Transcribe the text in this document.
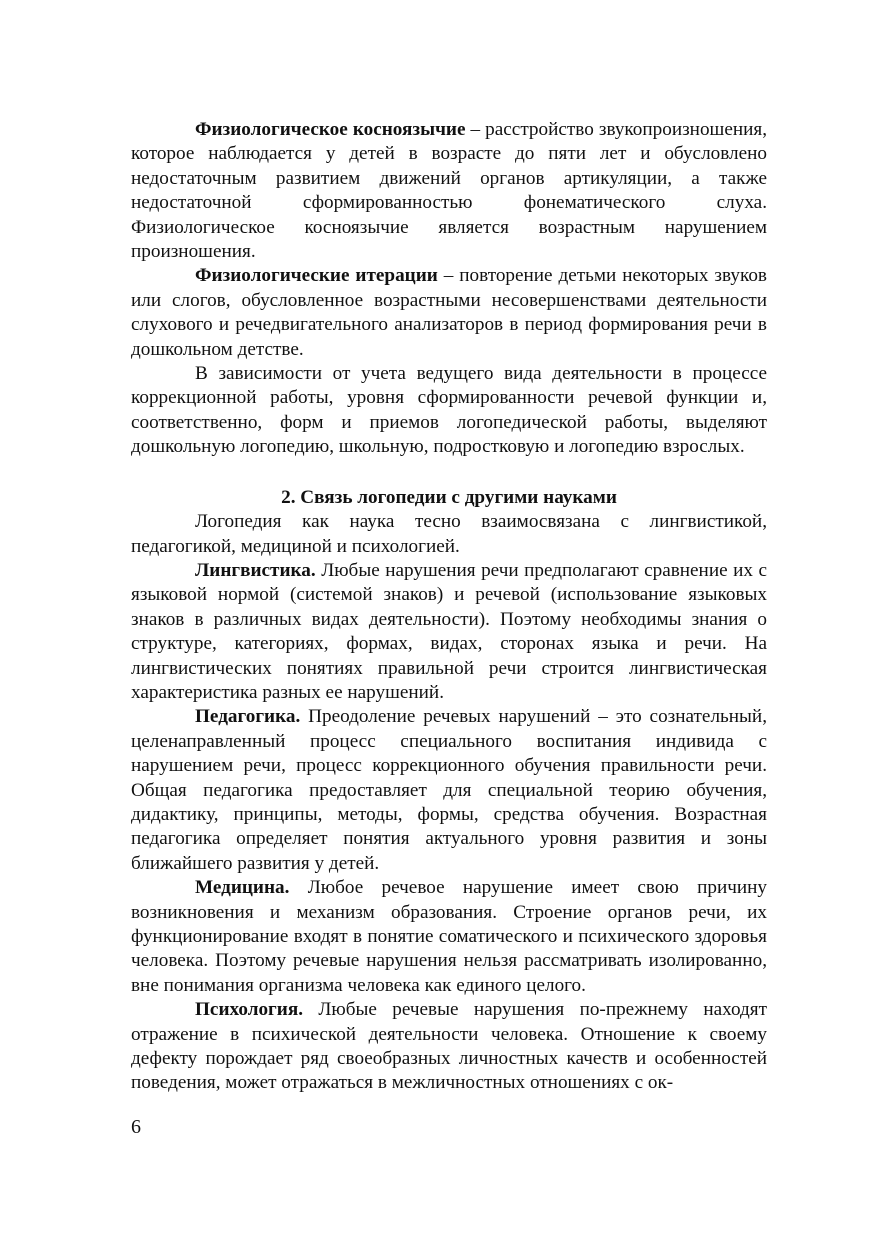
Физиологическое косноязычие – расстройство звукопроизношения, которое наблюдается у детей в возрасте до пяти лет и обусловлено недостаточным развитием движений органов артикуляции, а также недостаточной сформированностью фонематического слуха. Физиологическое косноязычие является возрастным нарушением произношения.

Физиологические итерации – повторение детьми некоторых звуков или слогов, обусловленное возрастными несовершенствами деятельности слухового и речедвигательного анализаторов в период формирования речи в дошкольном детстве.

В зависимости от учета ведущего вида деятельности в процессе коррекционной работы, уровня сформированности речевой функции и, соответственно, форм и приемов логопедической работы, выделяют дошкольную логопедию, школьную, подростковую и логопедию взрослых.

2. Связь логопедии с другими науками

Логопедия как наука тесно взаимосвязана с лингвистикой, педагогикой, медициной и психологией.

Лингвистика. Любые нарушения речи предполагают сравнение их с языковой нормой (системой знаков) и речевой (использование языковых знаков в различных видах деятельности). Поэтому необходимы знания о структуре, категориях, формах, видах, сторонах языка и речи. На лингвистических понятиях правильной речи строится лингвистическая характеристика разных ее нарушений.

Педагогика. Преодоление речевых нарушений – это сознательный, целенаправленный процесс специального воспитания индивида с нарушением речи, процесс коррекционного обучения правильности речи. Общая педагогика предоставляет для специальной теорию обучения, дидактику, принципы, методы, формы, средства обучения. Возрастная педагогика определяет понятия актуального уровня развития и зоны ближайшего развития у детей.

Медицина. Любое речевое нарушение имеет свою причину возникновения и механизм образования. Строение органов речи, их функционирование входят в понятие соматического и психического здоровья человека. Поэтому речевые нарушения нельзя рассматривать изолированно, вне понимания организма человека как единого целого.

Психология. Любые речевые нарушения по-прежнему находят отражение в психической деятельности человека. Отношение к своему дефекту порождает ряд своеобразных личностных качеств и особенностей поведения, может отражаться в межличностных отношениях с ок-

6
